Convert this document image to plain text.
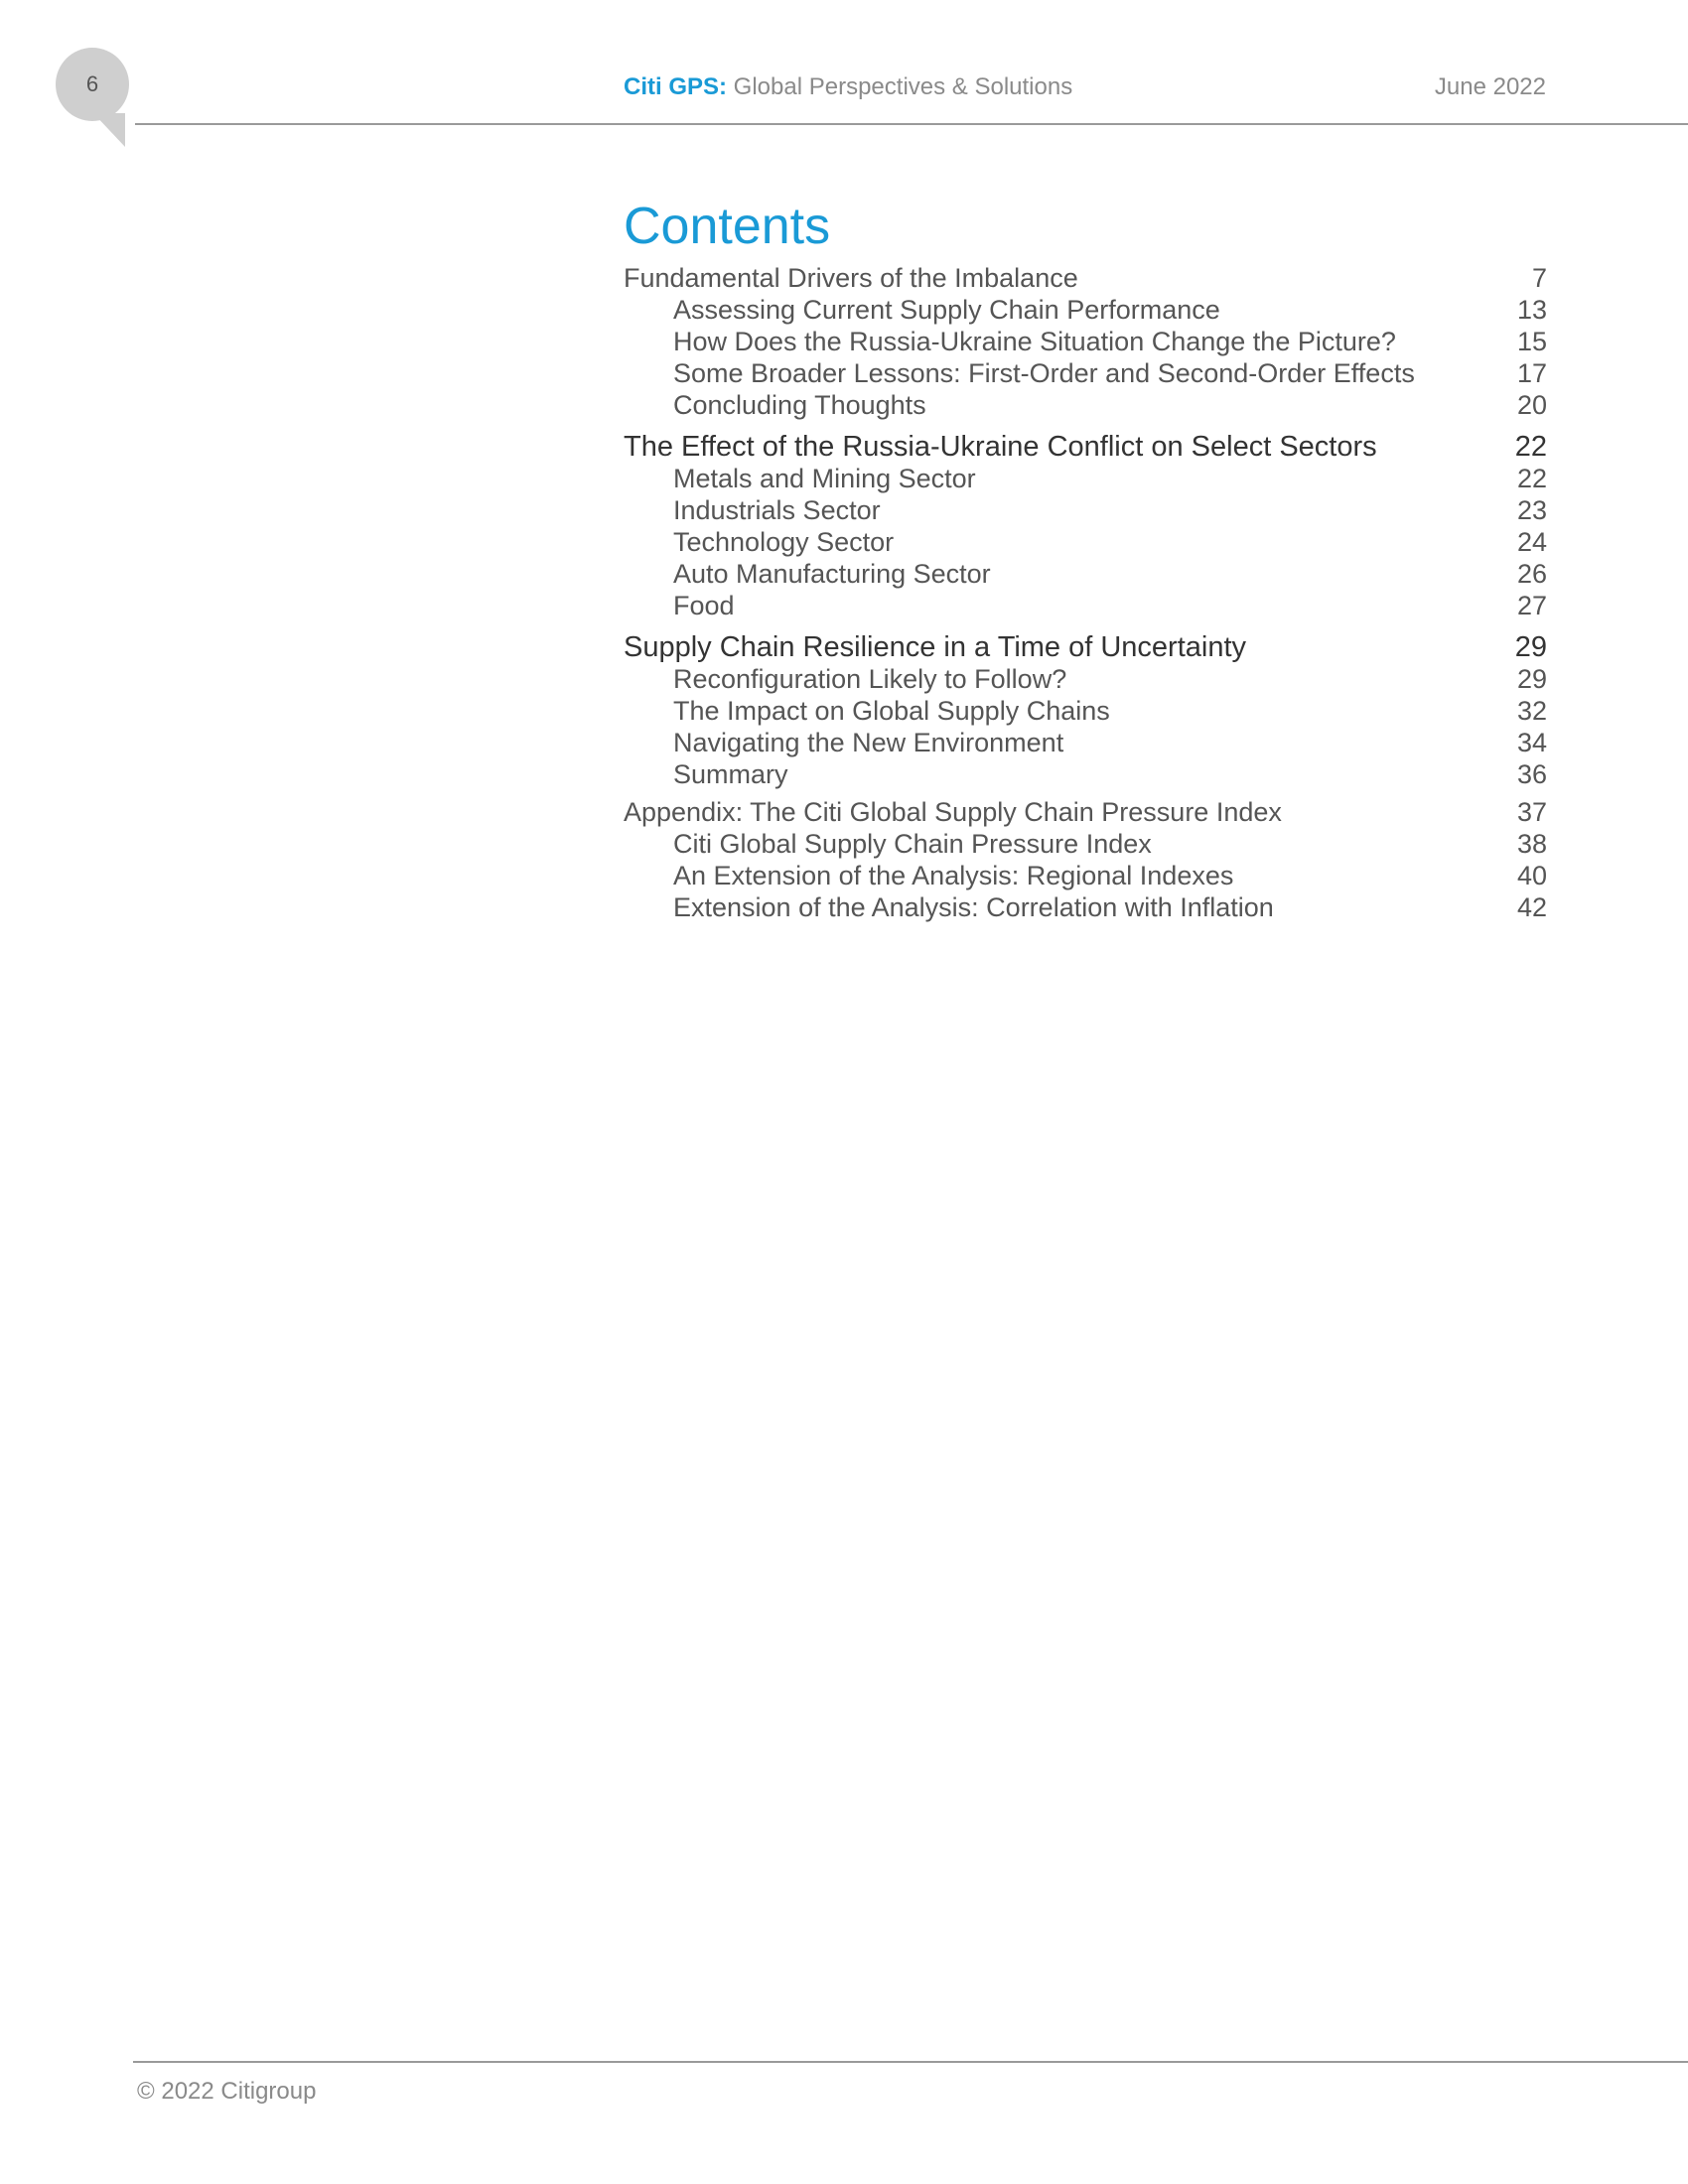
6	Citi GPS: Global Perspectives & Solutions	June 2022
Contents
Fundamental Drivers of the Imbalance	7
Assessing Current Supply Chain Performance	13
How Does the Russia-Ukraine Situation Change the Picture?	15
Some Broader Lessons: First-Order and Second-Order Effects	17
Concluding Thoughts	20
The Effect of the Russia-Ukraine Conflict on Select Sectors	22
Metals and Mining Sector	22
Industrials Sector	23
Technology Sector	24
Auto Manufacturing Sector	26
Food	27
Supply Chain Resilience in a Time of Uncertainty	29
Reconfiguration Likely to Follow?	29
The Impact on Global Supply Chains	32
Navigating the New Environment	34
Summary	36
Appendix: The Citi Global Supply Chain Pressure Index	37
Citi Global Supply Chain Pressure Index	38
An Extension of the Analysis: Regional Indexes	40
Extension of the Analysis: Correlation with Inflation	42
© 2022 Citigroup
